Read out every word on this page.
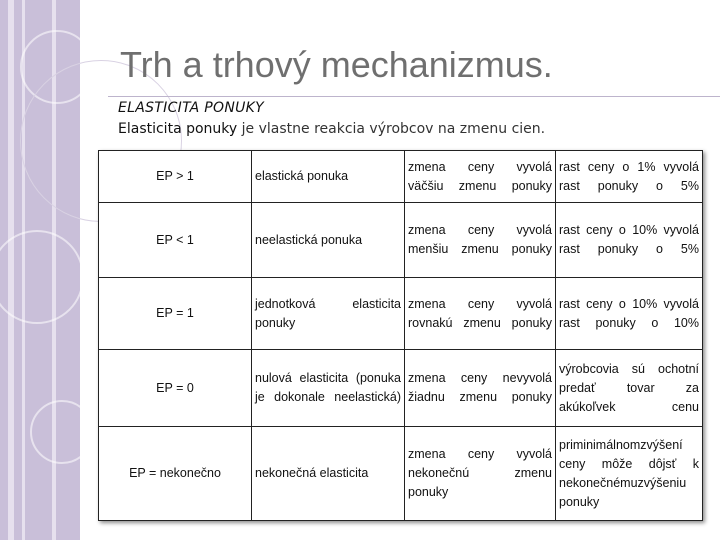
Trh a trhový mechanizmus.
ELASTICITA PONUKY
Elasticita ponuky je vlastne reakcia výrobcov na zmenu cien.
EP > 1	elastická ponuka	zmena ceny vyvolá väčšiu zmenu ponuky	rast ceny o 1% vyvolá rast ponuky o 5%

EP < 1	neelastická ponuka	zmena ceny vyvolá menšiu zmenu ponuky	rast ceny o 10% vyvolá rast ponuky o 5%

EP = 1	jednotková elasticita ponuky	zmena ceny vyvolá rovnakú zmenu ponuky	rast ceny o 10% vyvolá rast ponuky o 10%

EP = 0	nulová elasticita (ponuka je dokonale neelastická)	zmena ceny nevyvolá žiadnu zmenu ponuky	výrobcovia sú ochotní predať tovar za akúkoľvek cenu

EP = nekonečno	nekonečná elasticita	zmena ceny vyvolá nekonečnú zmenu ponuky	priminimálnomzvýšení ceny môže dôjsť k nekonečnémuzvýšeniu ponuky
